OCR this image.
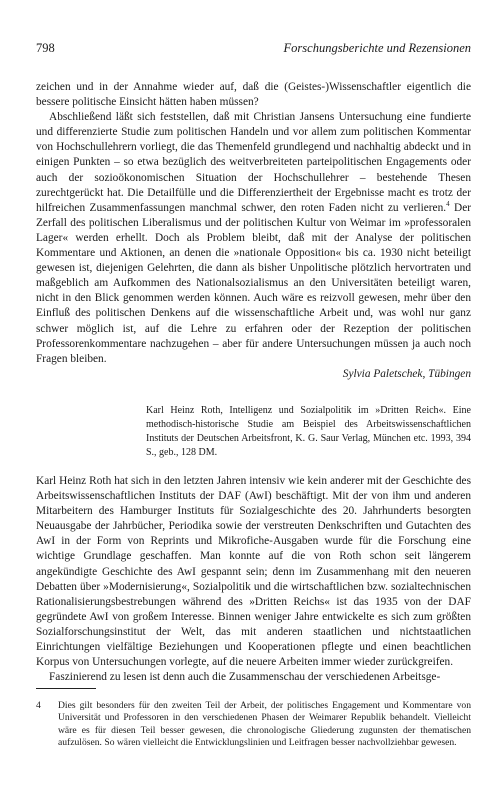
798	Forschungsberichte und Rezensionen

zeichen und in der Annahme wieder auf, daß die (Geistes-)Wissenschaftler eigentlich die bessere politische Einsicht hätten haben müssen?

Abschließend läßt sich feststellen, daß mit Christian Jansens Untersuchung eine fundierte und differenzierte Studie zum politischen Handeln und vor allem zum politischen Kommentar von Hochschullehrern vorliegt, die das Themenfeld grundlegend und nachhaltig abdeckt und in einigen Punkten – so etwa bezüglich des weitverbreiteten parteipolitischen Engagements oder auch der sozioökonomischen Situation der Hochschullehrer – bestehende Thesen zurechtgerückt hat. Die Detailfülle und die Differenziertheit der Ergebnisse macht es trotz der hilfreichen Zusammenfassungen manchmal schwer, den roten Faden nicht zu verlieren.$^4$ Der Zerfall des politischen Liberalismus und der politischen Kultur von Weimar im »professoralen Lager« werden erhellt. Doch als Problem bleibt, daß mit der Analyse der politischen Kommentare und Aktionen, an denen die »nationale Opposition« bis ca. 1930 nicht beteiligt gewesen ist, diejenigen Gelehrten, die dann als bisher Unpolitische plötzlich hervortraten und maßgeblich am Aufkommen des Nationalsozialismus an den Universitäten beteiligt waren, nicht in den Blick genommen werden können. Auch wäre es reizvoll gewesen, mehr über den Einfluß des politischen Denkens auf die wissenschaftliche Arbeit und, was wohl nur ganz schwer möglich ist, auf die Lehre zu erfahren oder der Rezeption der politischen Professorenkommentare nachzugehen – aber für andere Untersuchungen müssen ja auch noch Fragen bleiben.

Sylvia Paletschek, Tübingen

Karl Heinz Roth, Intelligenz und Sozialpolitik im »Dritten Reich«. Eine methodisch-historische Studie am Beispiel des Arbeitswissenschaftlichen Instituts der Deutschen Arbeitsfront, K. G. Saur Verlag, München etc. 1993, 394 S., geb., 128 DM.

Karl Heinz Roth hat sich in den letzten Jahren intensiv wie kein anderer mit der Geschichte des Arbeitswissenschaftlichen Instituts der DAF (AwI) beschäftigt. Mit der von ihm und anderen Mitarbeitern des Hamburger Instituts für Sozialgeschichte des 20. Jahrhunderts besorgten Neuausgabe der Jahrbücher, Periodika sowie der verstreuten Denkschriften und Gutachten des AwI in der Form von Reprints und Mikrofiche-Ausgaben wurde für die Forschung eine wichtige Grundlage geschaffen. Man konnte auf die von Roth schon seit längerem angekündigte Geschichte des AwI gespannt sein; denn im Zusammenhang mit den neueren Debatten über »Modernisierung«, Sozialpolitik und die wirtschaftlichen bzw. sozialtechnischen Rationalisierungsbestrebungen während des »Dritten Reichs« ist das 1935 von der DAF gegründete AwI von großem Interesse. Binnen weniger Jahre entwickelte es sich zum größten Sozialforschungsinstitut der Welt, das mit anderen staatlichen und nichtstaatlichen Einrichtungen vielfältige Beziehungen und Kooperationen pflegte und einen beachtlichen Korpus von Untersuchungen vorlegte, auf die neuere Arbeiten immer wieder zurückgreifen.

Faszinierend zu lesen ist denn auch die Zusammenschau der verschiedenen Arbeitsge-

4 Dies gilt besonders für den zweiten Teil der Arbeit, der politisches Engagement und Kommentare von Universität und Professoren in den verschiedenen Phasen der Weimarer Republik behandelt. Vielleicht wäre es für diesen Teil besser gewesen, die chronologische Gliederung zugunsten der thematischen aufzulösen. So wären vielleicht die Entwicklungslinien und Leitfragen besser nachvollziehbar gewesen.
